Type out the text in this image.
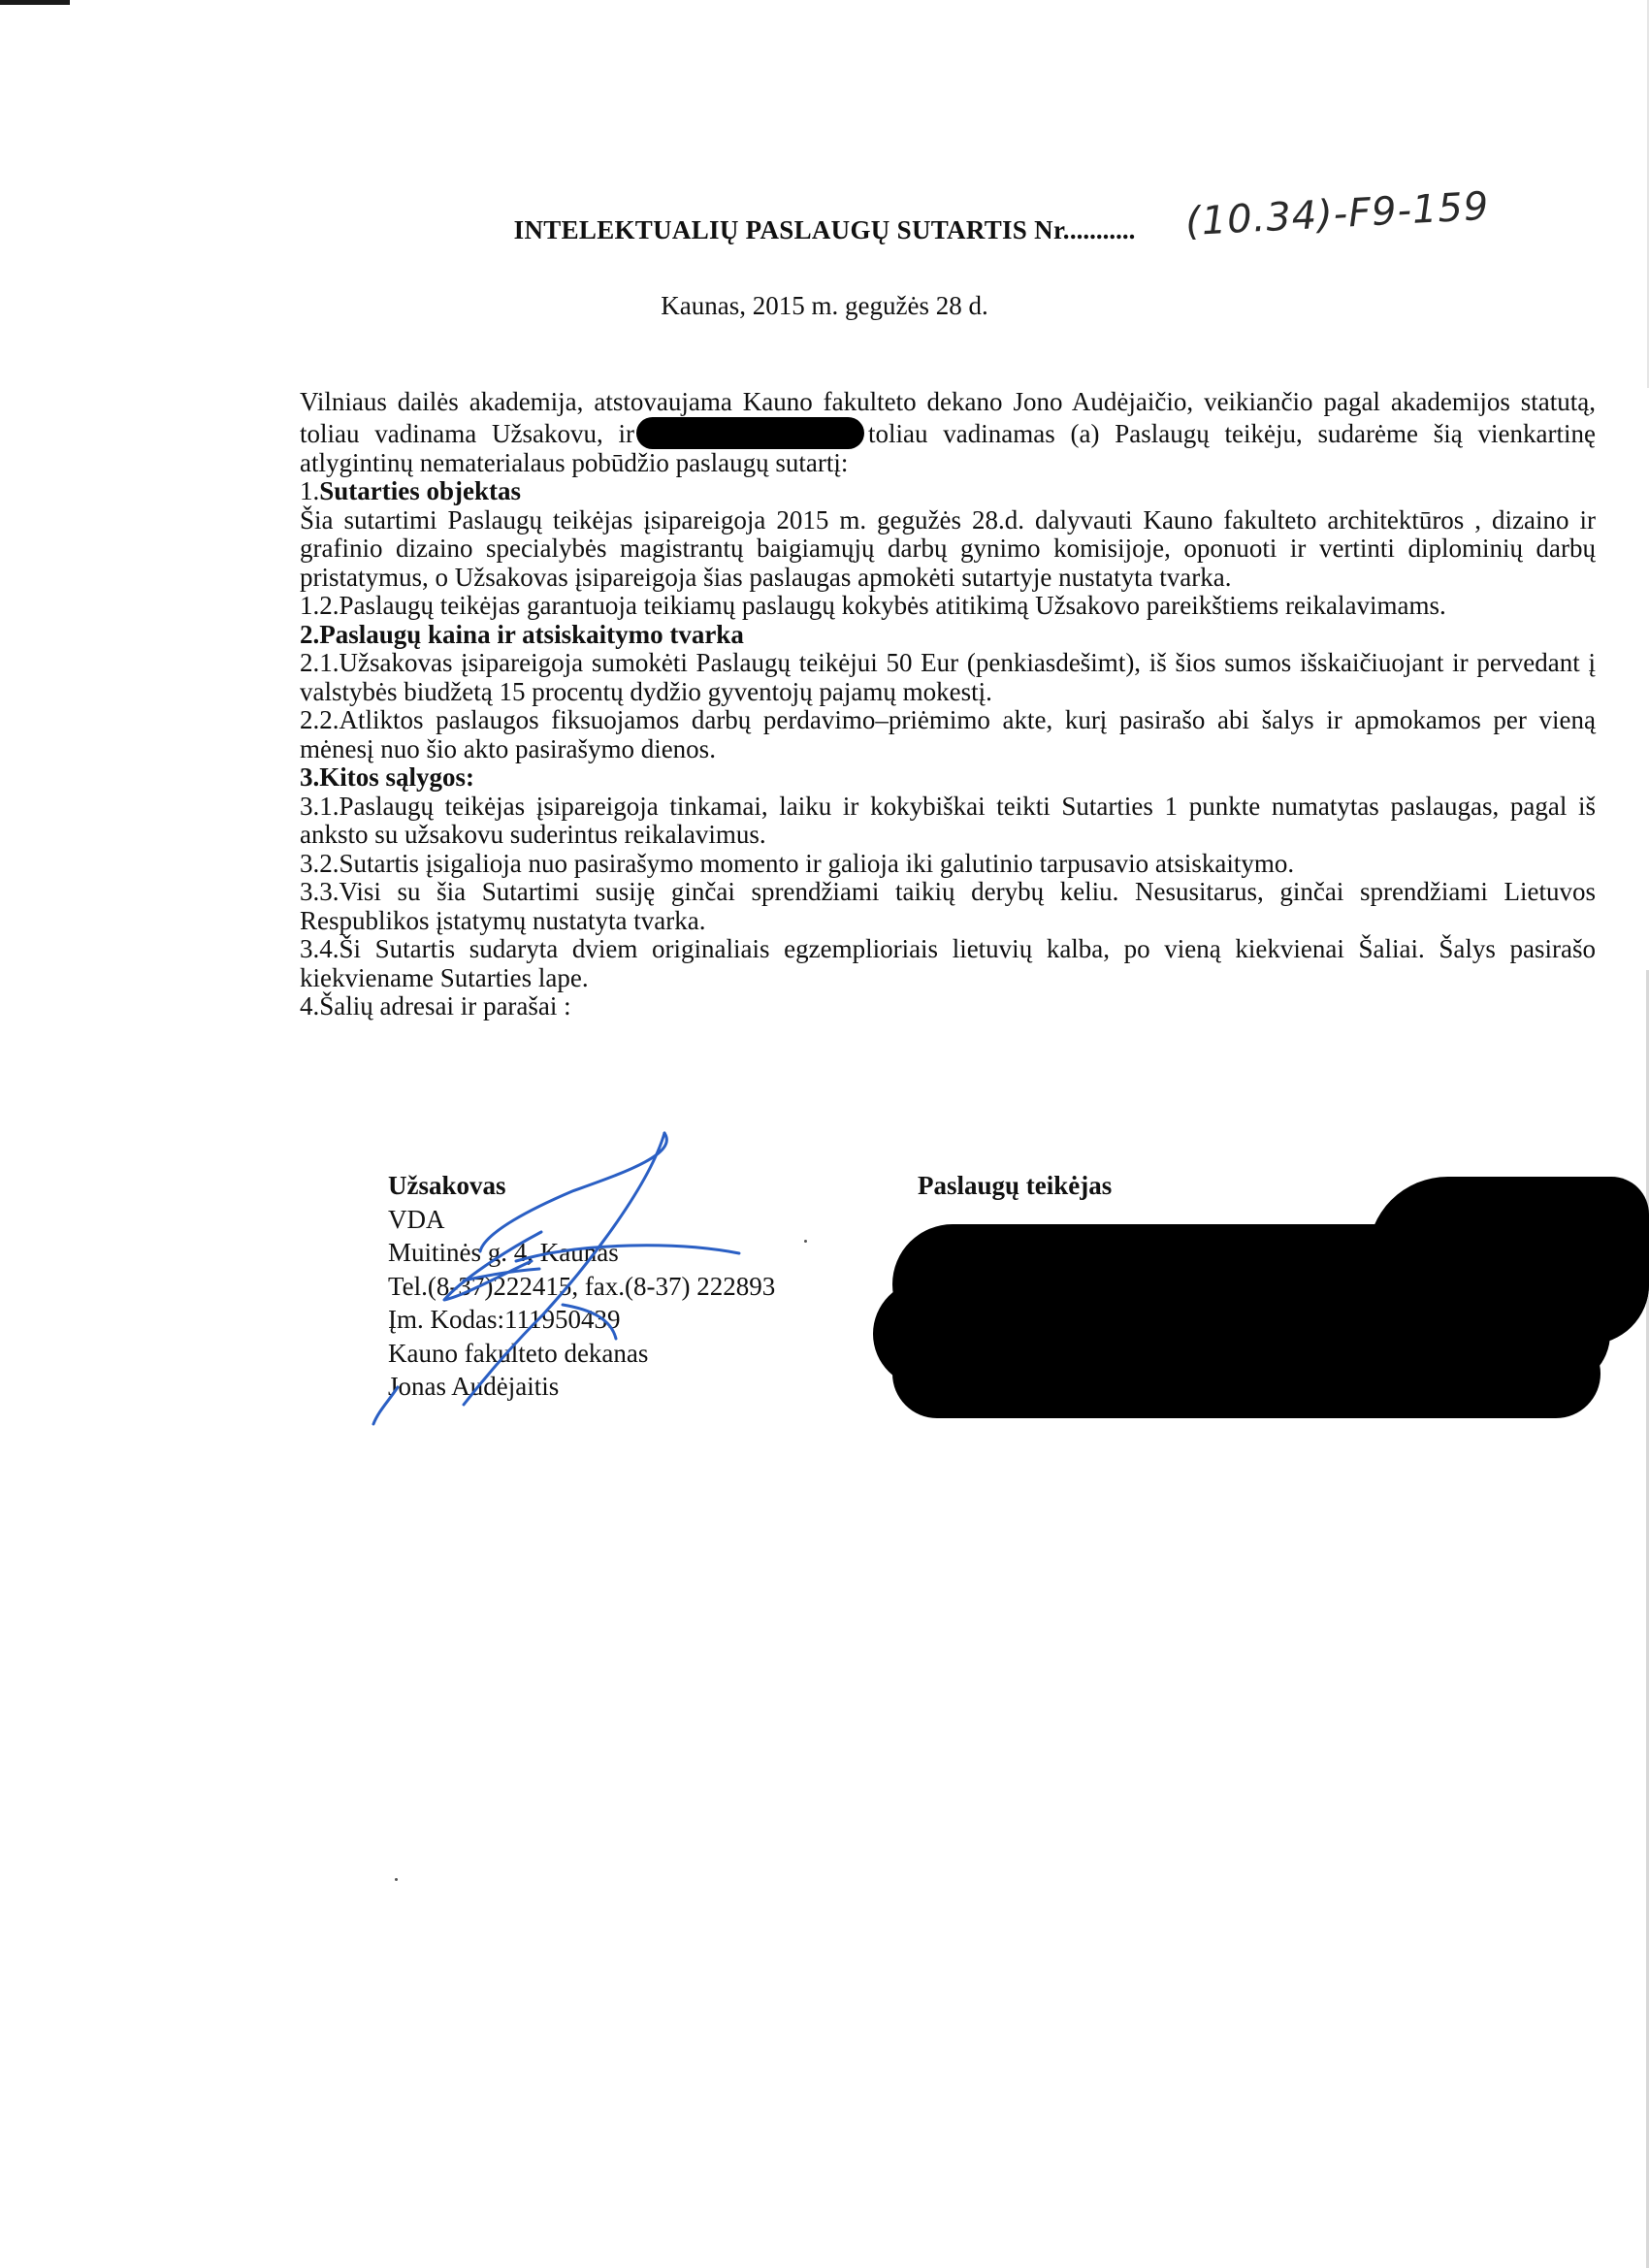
INTELEKTUALIŲ PASLAUGŲ SUTARTIS Nr...........	(10.34)-F9-159
Kaunas, 2015 m. gegužės 28 d.

Vilniaus dailės akademija, atstovaujama Kauno fakulteto dekano Jono Audėjaičio, veikiančio pagal akademijos statutą, toliau vadinama Užsakovu, ir	toliau vadinamas (a) Paslaugų teikėju, sudarėme šią vienkartinę atlygintinų nematerialaus pobūdžio paslaugų sutartį:

1.Sutarties objektas

Šia sutartimi Paslaugų teikėjas įsipareigoja 2015 m. gegužės 28.d. dalyvauti Kauno fakulteto architektūros , dizaino ir grafinio dizaino specialybės magistrantų baigiamųjų darbų gynimo komisijoje, oponuoti ir vertinti diplominių darbų pristatymus, o Užsakovas įsipareigoja šias paslaugas apmokėti sutartyje nustatyta tvarka.

1.2.Paslaugų teikėjas garantuoja teikiamų paslaugų kokybės atitikimą Užsakovo pareikštiems reikalavimams.

2.Paslaugų kaina ir atsiskaitymo tvarka

2.1.Užsakovas įsipareigoja sumokėti Paslaugų teikėjui 50 Eur (penkiasdešimt), iš šios sumos išskaičiuojant ir pervedant į valstybės biudžetą 15 procentų dydžio gyventojų pajamų mokestį.

2.2.Atliktos paslaugos fiksuojamos darbų perdavimo–priėmimo akte, kurį pasirašo abi šalys ir apmokamos per vieną mėnesį nuo šio akto pasirašymo dienos.

3.Kitos sąlygos:

3.1.Paslaugų teikėjas įsipareigoja tinkamai, laiku ir kokybiškai teikti Sutarties 1 punkte numatytas paslaugas, pagal iš anksto su užsakovu suderintus reikalavimus.

3.2.Sutartis įsigalioja nuo pasirašymo momento ir galioja iki galutinio tarpusavio atsiskaitymo.

3.3.Visi su šia Sutartimi susiję ginčai sprendžiami taikių derybų keliu. Nesusitarus, ginčai sprendžiami Lietuvos Respublikos įstatymų nustatyta tvarka.

3.4.Ši Sutartis sudaryta dviem originaliais egzemplioriais lietuvių kalba, po vieną kiekvienai Šaliai. Šalys pasirašo kiekviename Sutarties lape.

4.Šalių adresai ir parašai :

Užsakovas
VDA
Muitinės g. 4, Kaunas
Tel.(8-37)222415, fax.(8-37) 222893
Įm. Kodas:111950439
Kauno fakulteto dekanas
Jonas Audėjaitis
Paslaugų teikėjas
